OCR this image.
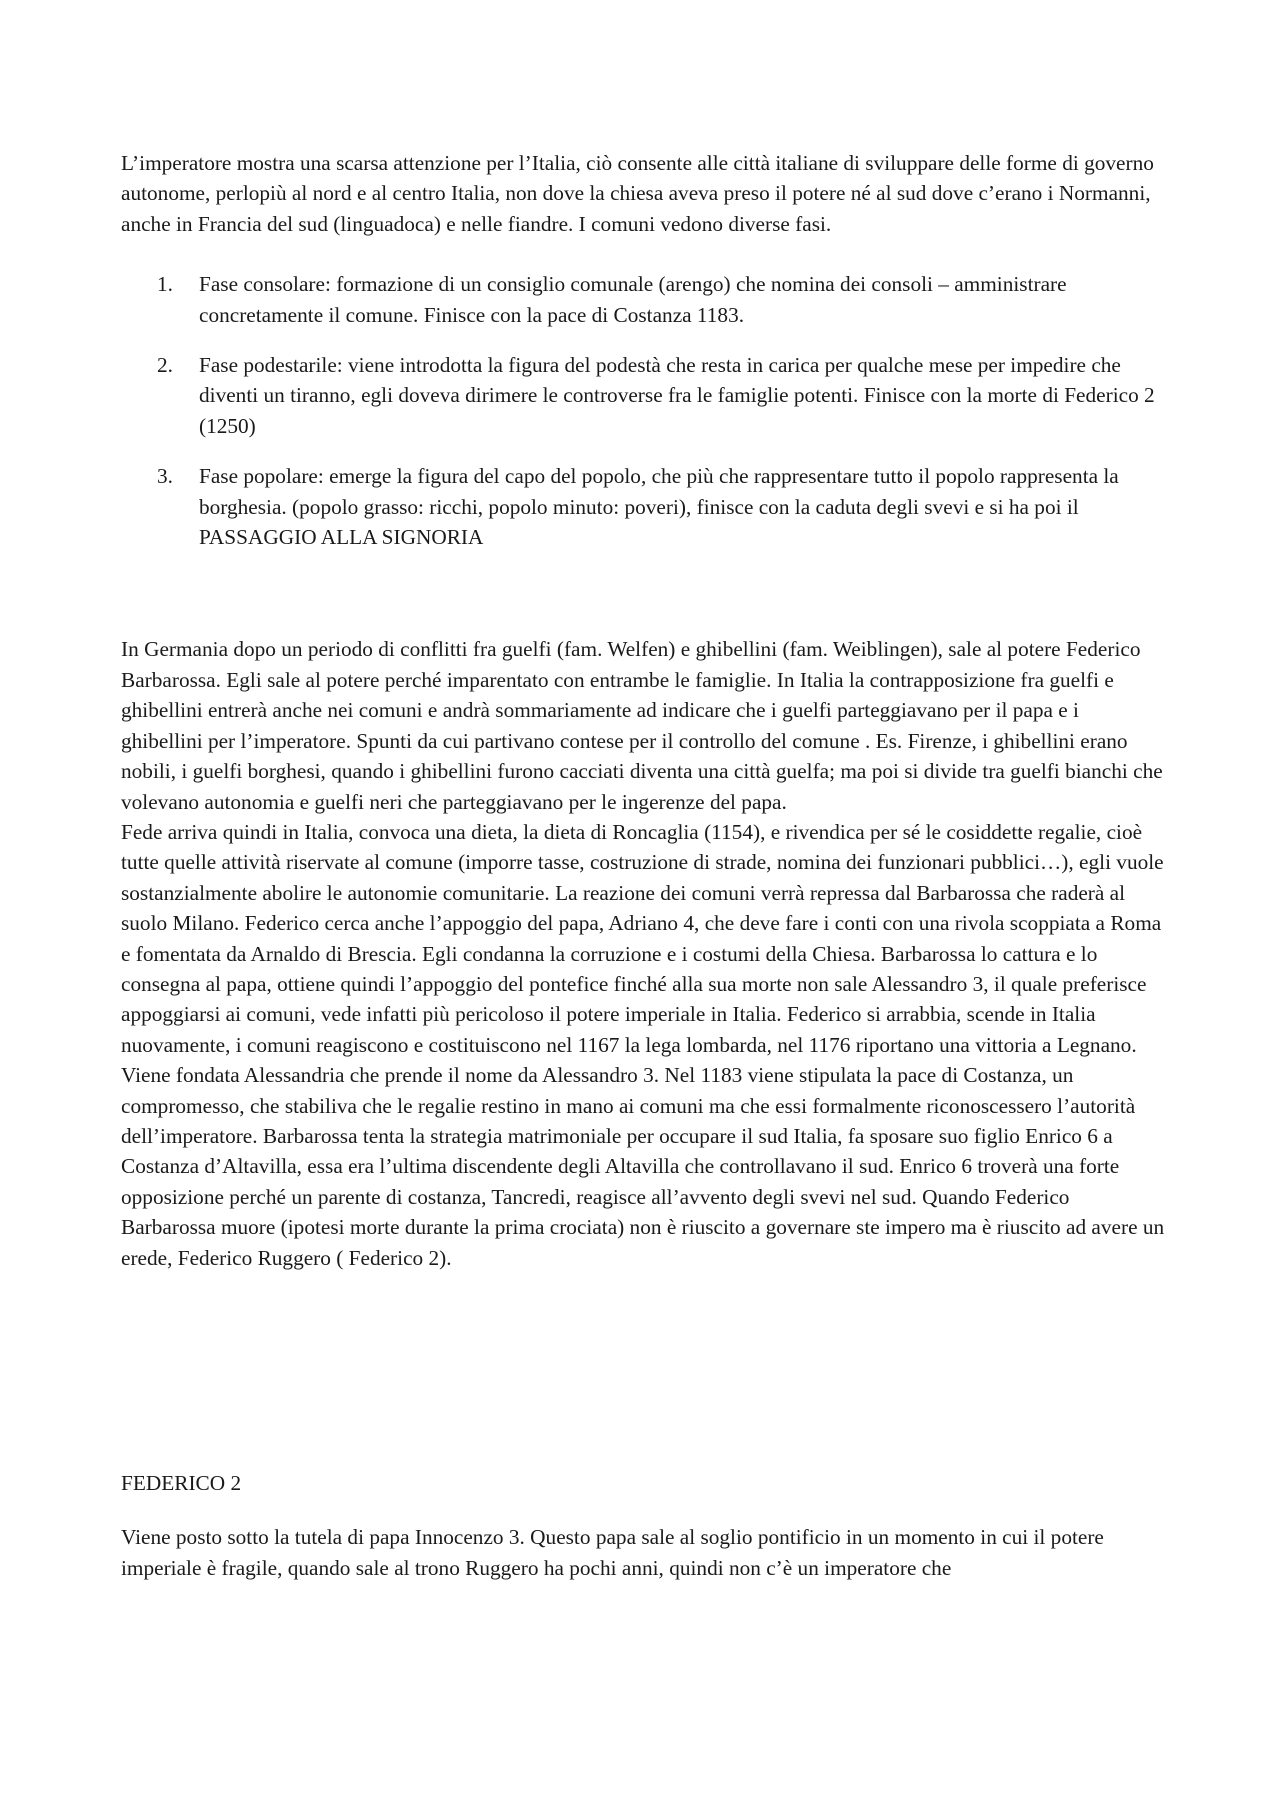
L’imperatore mostra una scarsa attenzione per l’Italia, ciò consente alle città italiane di sviluppare delle forme di governo autonome, perlopiù al nord e al centro Italia, non dove la chiesa aveva preso il potere né al sud dove c’erano i Normanni, anche in Francia del sud (linguadoca) e nelle fiandre. I comuni vedono diverse fasi.

1. Fase consolare: formazione di un consiglio comunale (arengo) che nomina dei consoli – amministrare concretamente il comune. Finisce con la pace di Costanza 1183.
2. Fase podestarile: viene introdotta la figura del podestà che resta in carica per qualche mese per impedire che diventi un tiranno, egli doveva dirimere le controverse fra le famiglie potenti. Finisce con la morte di Federico 2 (1250)
3. Fase popolare: emerge la figura del capo del popolo, che più che rappresentare tutto il popolo rappresenta la borghesia. (popolo grasso: ricchi, popolo minuto: poveri), finisce con la caduta degli svevi e si ha poi il PASSAGGIO ALLA SIGNORIA

In Germania dopo un periodo di conflitti fra guelfi (fam. Welfen) e ghibellini (fam. Weiblingen), sale al potere Federico Barbarossa. Egli sale al potere perché imparentato con entrambe le famiglie. In Italia la contrapposizione fra guelfi e ghibellini entrerà anche nei comuni e andrà sommariamente ad indicare che i guelfi parteggiavano per il papa e i ghibellini per l’imperatore. Spunti da cui partivano contese per il controllo del comune . Es. Firenze, i ghibellini erano nobili, i guelfi borghesi, quando i ghibellini furono cacciati diventa una città guelfa; ma poi si divide tra guelfi bianchi che volevano autonomia e guelfi neri che parteggiavano per le ingerenze del papa.

Fede arriva quindi in Italia, convoca una dieta, la dieta di Roncaglia (1154), e rivendica per sé le cosiddette regalie, cioè tutte quelle attività riservate al comune (imporre tasse, costruzione di strade, nomina dei funzionari pubblici…), egli vuole sostanzialmente abolire le autonomie comunitarie. La reazione dei comuni verrà repressa dal Barbarossa che raderà al suolo Milano. Federico cerca anche l’appoggio del papa, Adriano 4, che deve fare i conti con una rivola scoppiata a Roma e fomentata da Arnaldo di Brescia. Egli condanna la corruzione e i costumi della Chiesa. Barbarossa lo cattura e lo consegna al papa, ottiene quindi l’appoggio del pontefice finché alla sua morte non sale Alessandro 3, il quale preferisce appoggiarsi ai comuni, vede infatti più pericoloso il potere imperiale in Italia. Federico si arrabbia, scende in Italia nuovamente, i comuni reagiscono e costituiscono nel 1167 la lega lombarda, nel 1176 riportano una vittoria a Legnano. Viene fondata Alessandria che prende il nome da Alessandro 3. Nel 1183 viene stipulata la pace di Costanza, un compromesso, che stabiliva che le regalie restino in mano ai comuni ma che essi formalmente riconoscessero l’autorità dell’imperatore. Barbarossa tenta la strategia matrimoniale per occupare il sud Italia, fa sposare suo figlio Enrico 6 a Costanza d’Altavilla, essa era l’ultima discendente degli Altavilla che controllavano il sud. Enrico 6 troverà una forte opposizione perché un parente di costanza, Tancredi, reagisce all’avvento degli svevi nel sud. Quando Federico Barbarossa muore (ipotesi morte durante la prima crociata) non è riuscito a governare ste impero ma è riuscito ad avere un erede, Federico Ruggero ( Federico 2).

FEDERICO 2

Viene posto sotto la tutela di papa Innocenzo 3. Questo papa sale al soglio pontificio in un momento in cui il potere imperiale è fragile, quando sale al trono Ruggero ha pochi anni, quindi non c’è un imperatore che
